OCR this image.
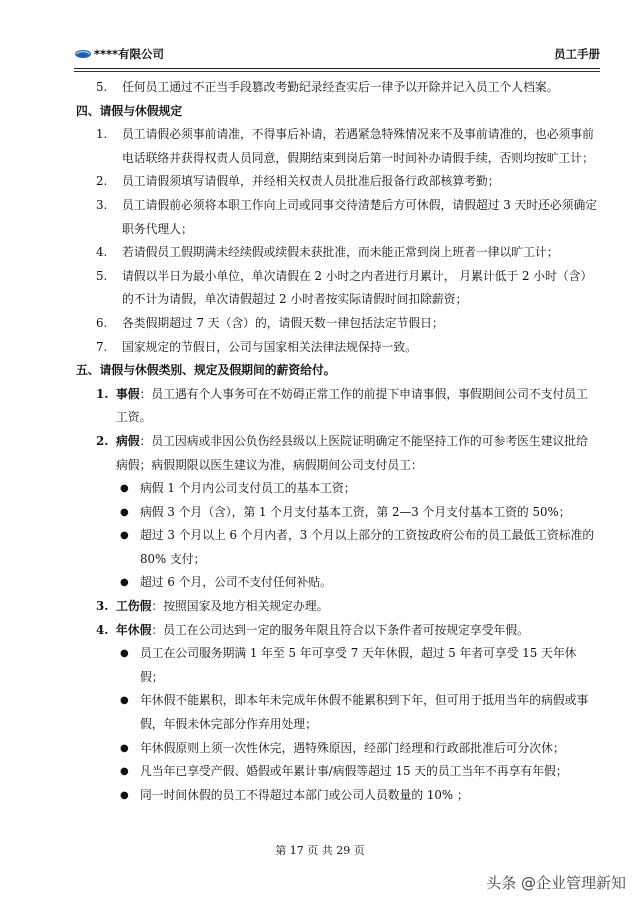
****有限公司	员工手册

5. 任何员工通过不正当手段篡改考勤纪录经查实后一律予以开除并记入员工个人档案。

四、请假与休假规定

1. 员工请假必须事前请准，不得事后补请，若遇紧急特殊情况来不及事前请准的，也必须事前电话联络并获得权责人员同意，假期结束到岗后第一时间补办请假手续，否则均按旷工计；

2. 员工请假须填写请假单，并经相关权责人员批准后报备行政部核算考勤；

3. 员工请假前必须将本职工作向上司或同事交待清楚后方可休假，请假超过 3 天时还必须确定职务代理人；

4. 若请假员工假期满未经续假或续假未获批准，而未能正常到岗上班者一律以旷工计；

5. 请假以半日为最小单位，单次请假在 2 小时之内者进行月累计， 月累计低于 2 小时（含）的不计为请假，单次请假超过 2 小时者按实际请假时间扣除薪资；

6. 各类假期超过 7 天（含）的，请假天数一律包括法定节假日；

7. 国家规定的节假日，公司与国家相关法律法规保持一致。

五、请假与休假类别、规定及假期间的薪资给付。

1. 事假：员工遇有个人事务可在不妨碍正常工作的前提下申请事假，事假期间公司不支付员工工资。

2. 病假：员工因病或非因公负伤经县级以上医院证明确定不能坚持工作的可参考医生建议批给病假；病假期限以医生建议为准，病假期间公司支付员工：

●
病假 1 个月内公司支付员工的基本工资；

●
病假 3 个月（含），第 1 个月支付基本工资，第 2—3 个月支付基本工资的 50%；

●
超过 3 个月以上 6 个月内者，3 个月以上部分的工资按政府公布的员工最低工资标准的 80% 支付；

●
超过 6 个月，公司不支付任何补贴。

3. 工伤假：按照国家及地方相关规定办理。

4. 年休假：员工在公司达到一定的服务年限且符合以下条件者可按规定享受年假。

●
员工在公司服务期满 1 年至 5 年可享受 7 天年休假，超过 5 年者可享受 15 天年休假；

●
年休假不能累积，即本年未完成年休假不能累积到下年，但可用于抵用当年的病假或事假，年假未休完部分作弃用处理；

●
年休假原则上须一次性休完，遇特殊原因，经部门经理和行政部批准后可分次休；

●
凡当年已享受产假、婚假或年累计事/病假等超过 15 天的员工当年不再享有年假；

●
同一时间休假的员工不得超过本部门或公司人员数量的 10% ；

第 17 页 共 29 页
头条 @企业管理新知
